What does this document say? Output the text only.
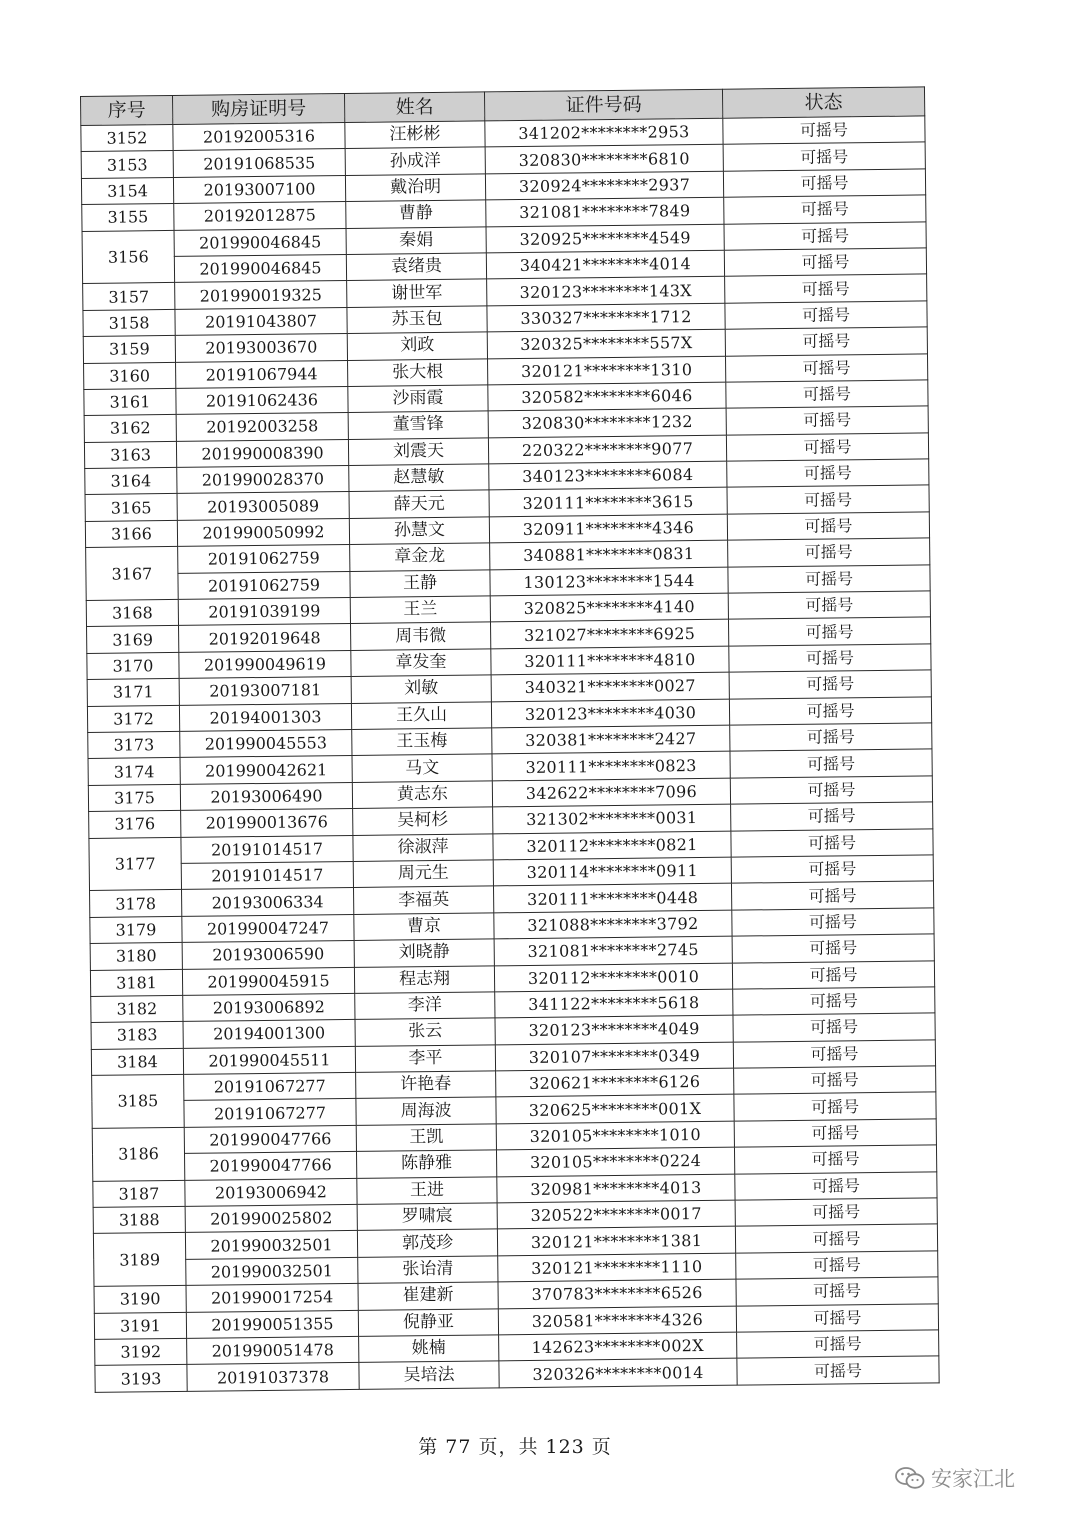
序号	购房证明号	姓名	证件号码	状态
3152	20192005316	汪彬彬	341202********2953	可摇号
3153	20191068535	孙成洋	320830********6810	可摇号
3154	20193007100	戴治明	320924********2937	可摇号
3155	20192012875	曹静	321081********7849	可摇号
3156	201990046845	秦娟	320925********4549	可摇号
	201990046845	袁绪贵	340421********4014	可摇号
3157	201990019325	谢世军	320123********143X	可摇号
3158	20191043807	苏玉包	330327********1712	可摇号
3159	20193003670	刘政	320325********557X	可摇号
3160	20191067944	张大根	320121********1310	可摇号
3161	20191062436	沙雨霞	320582********6046	可摇号
3162	20192003258	董雪锋	320830********1232	可摇号
3163	201990008390	刘震天	220322********9077	可摇号
3164	201990028370	赵慧敏	340123********6084	可摇号
3165	20193005089	薛天元	320111********3615	可摇号
3166	201990050992	孙慧文	320911********4346	可摇号
3167	20191062759	章金龙	340881********0831	可摇号
	20191062759	王静	130123********1544	可摇号
3168	20191039199	王兰	320825********4140	可摇号
3169	20192019648	周韦微	321027********6925	可摇号
3170	201990049619	章发奎	320111********4810	可摇号
3171	20193007181	刘敏	340321********0027	可摇号
3172	20194001303	王久山	320123********4030	可摇号
3173	201990045553	王玉梅	320381********2427	可摇号
3174	201990042621	马文	320111********0823	可摇号
3175	20193006490	黄志东	342622********7096	可摇号
3176	201990013676	吴柯杉	321302********0031	可摇号
3177	20191014517	徐淑萍	320112********0821	可摇号
	20191014517	周元生	320114********0911	可摇号
3178	20193006334	李福英	320111********0448	可摇号
3179	201990047247	曹京	321088********3792	可摇号
3180	20193006590	刘晓静	321081********2745	可摇号
3181	201990045915	程志翔	320112********0010	可摇号
3182	20193006892	李洋	341122********5618	可摇号
3183	20194001300	张云	320123********4049	可摇号
3184	201990045511	李平	320107********0349	可摇号
3185	20191067277	许艳春	320621********6126	可摇号
	20191067277	周海波	320625********001X	可摇号
3186	201990047766	王凯	320105********1010	可摇号
	201990047766	陈静雅	320105********0224	可摇号
3187	20193006942	王进	320981********4013	可摇号
3188	201990025802	罗啸宸	320522********0017	可摇号
3189	201990032501	郭茂珍	320121********1381	可摇号
	201990032501	张诒清	320121********1110	可摇号
3190	201990017254	崔建新	370783********6526	可摇号
3191	201990051355	倪静亚	320581********4326	可摇号
3192	201990051478	姚楠	142623********002X	可摇号
3193	20191037378	吴培法	320326********0014	可摇号
第 77 页，共 123 页
安家江北
